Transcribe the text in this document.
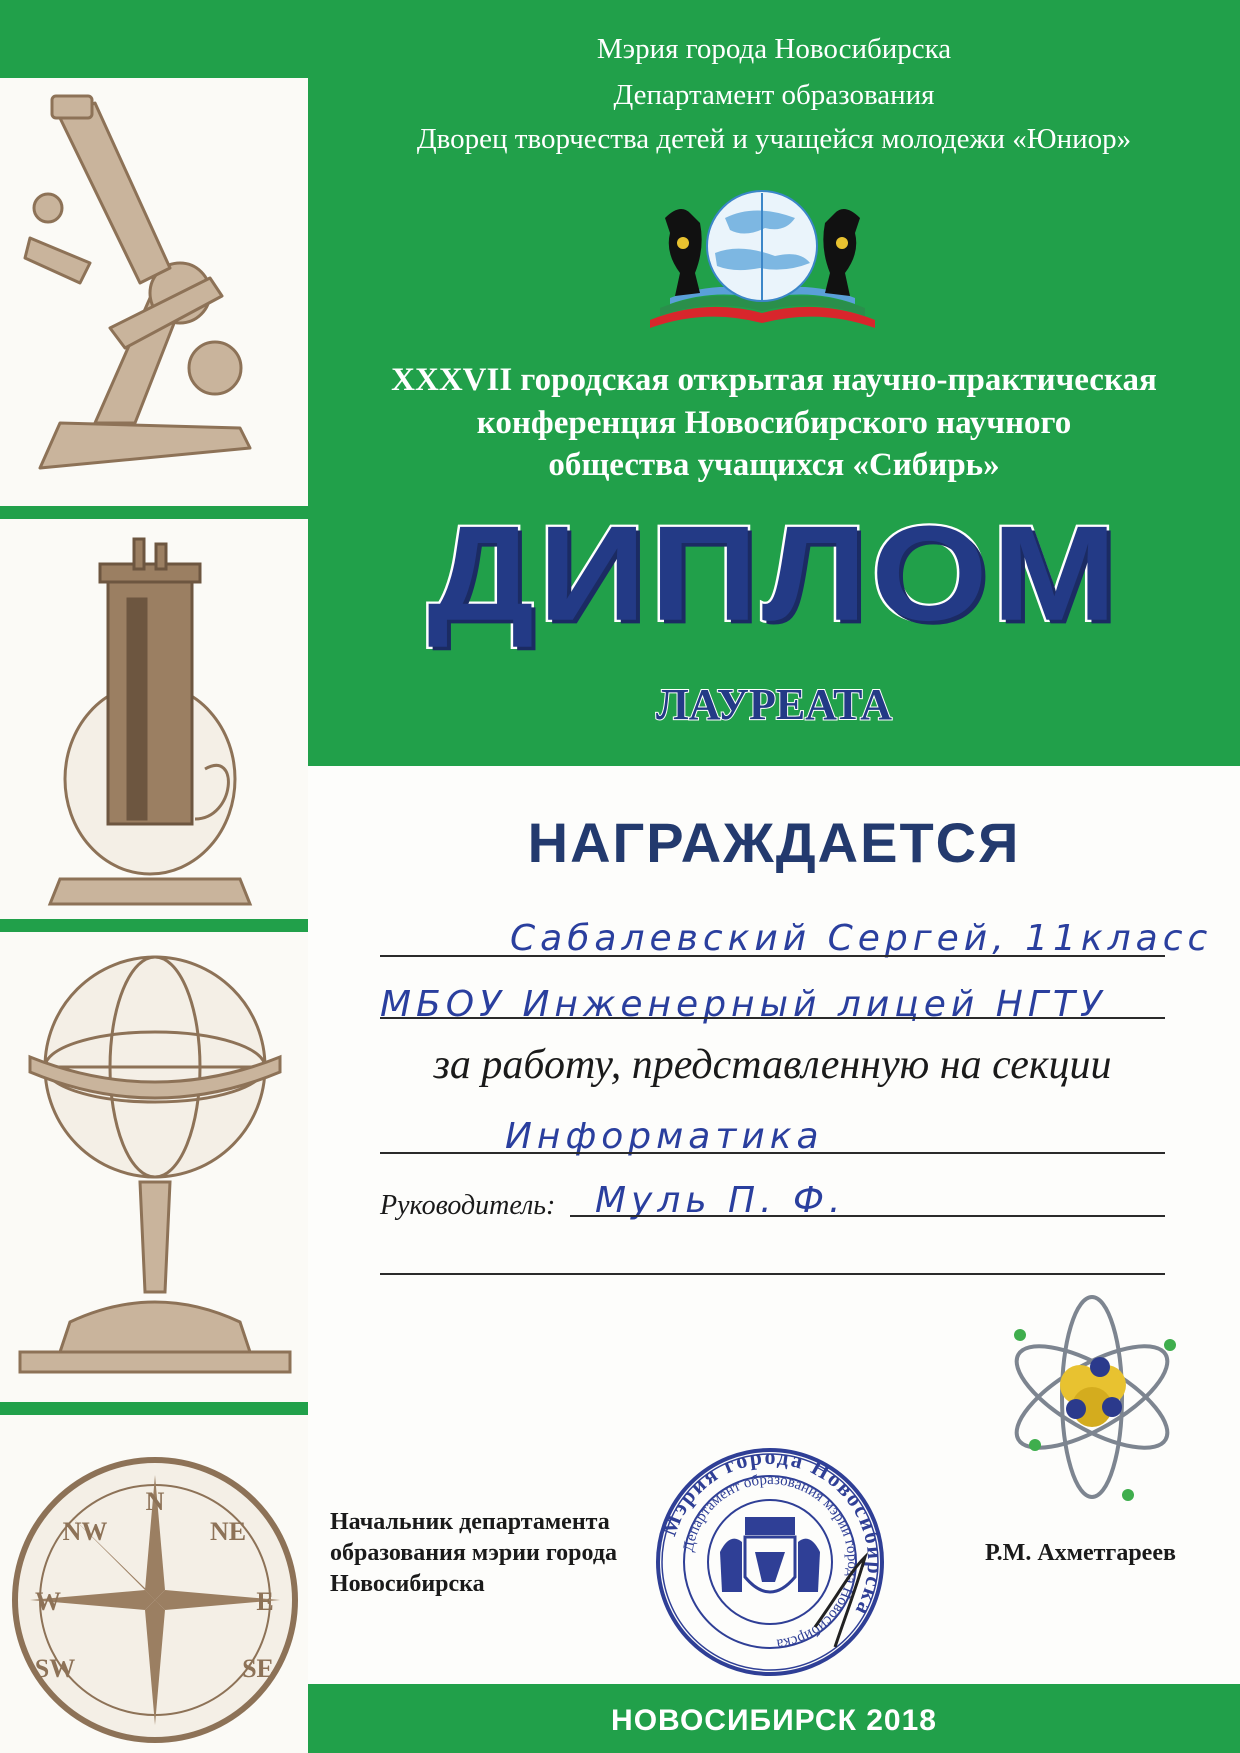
N
NW	NE
E
W
SE
SW
Мэрия города Новосибирска
Департамент образования
Дворец творчества детей и учащейся молодежи «Юниор»
XXXVII городская открытая научно-практическая
конференция Новосибирского научного
общества учащихся «Сибирь»
ДИПЛОМ
ЛАУРЕАТА
НАГРАЖДАЕТСЯ
Сабалевский Сергей, 11класс
МБОУ Инженерный лицей НГТУ
за работу, представленную на секции
Информатика
Руководитель: Муль П. Ф.
Начальник департамента
образования мэрии города
Новосибирска
Р.М. Ахметгареев
Мэрия города Новосибирска
Департамент образования мэрии города Новосибирска
НОВОСИБИРСК 2018
